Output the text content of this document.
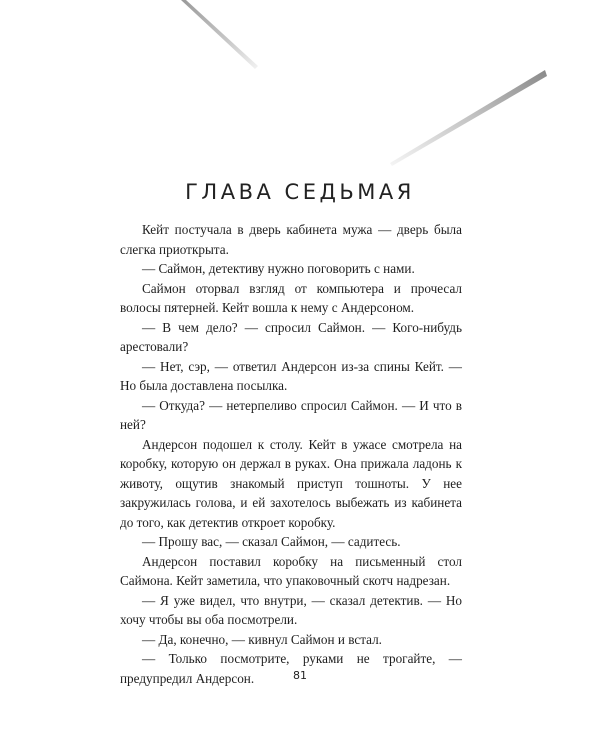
ГЛАВА СЕДЬМАЯ

Кейт постучала в дверь кабинета мужа — дверь была слегка приоткрыта.

— Саймон, детективу нужно поговорить с нами.

Саймон оторвал взгляд от компьютера и прочесал волосы пятерней. Кейт вошла к нему с Андерсоном.

— В чем дело? — спросил Саймон. — Кого-нибудь арестовали?

— Нет, сэр, — ответил Андерсон из-за спины Кейт. — Но была доставлена посылка.

— Откуда? — нетерпеливо спросил Саймон. — И что в ней?

Андерсон подошел к столу. Кейт в ужасе смотрела на коробку, которую он держал в руках. Она прижала ладонь к животу, ощутив знакомый приступ тошноты. У нее закружилась голова, и ей захотелось выбежать из кабинета до того, как детектив откроет коробку.

— Прошу вас, — сказал Саймон, — садитесь.

Андерсон поставил коробку на письменный стол Саймона. Кейт заметила, что упаковочный скотч надрезан.

— Я уже видел, что внутри, — сказал детектив. — Но хочу чтобы вы оба посмотрели.

— Да, конечно, — кивнул Саймон и встал.

— Только посмотрите, руками не трогайте, — предупредил Андерсон.	81
